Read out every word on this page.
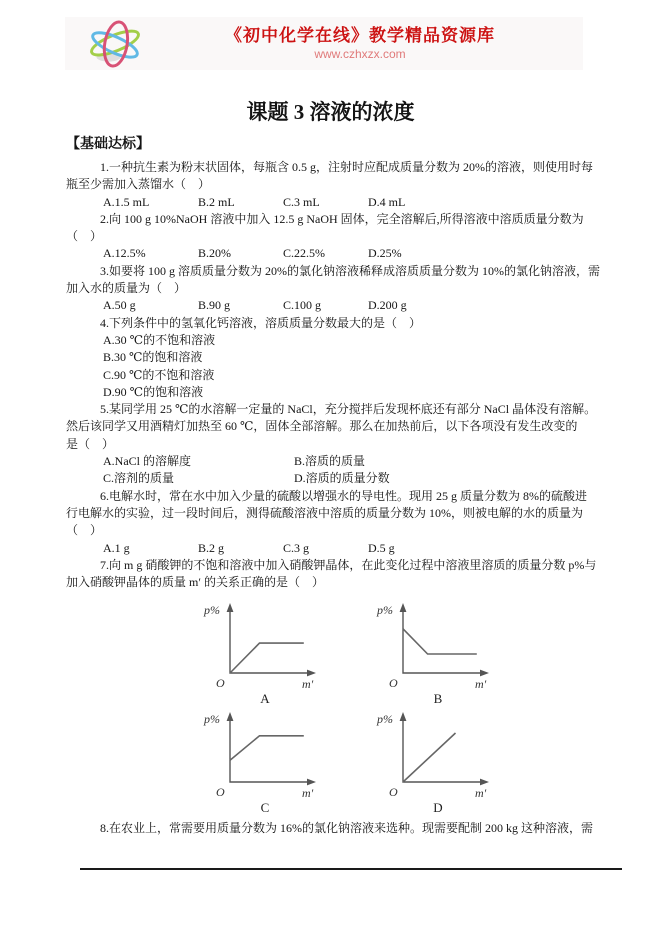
《初中化学在线》教学精品资源库
www.czhxzx.com
课题 3 溶液的浓度
【基础达标】
1.一种抗生素为粉末状固体，每瓶含 0.5 g，注射时应配成质量分数为 20%的溶液，则使用时每
瓶至少需加入蒸馏水（　）
A.1.5 mL	B.2 mL	C.3 mL	D.4 mL
2.向 100 g 10%NaOH 溶液中加入 12.5 g NaOH 固体，完全溶解后,所得溶液中溶质质量分数为
（　）
A.12.5%	B.20%	C.22.5%	D.25%
3.如要将 100 g 溶质质量分数为 20%的氯化钠溶液稀释成溶质质量分数为 10%的氯化钠溶液，需
加入水的质量为（　）
A.50 g	B.90 g	C.100 g	D.200 g
4.下列条件中的氢氧化钙溶液，溶质质量分数最大的是（　）
A.30 ℃的不饱和溶液
B.30 ℃的饱和溶液
C.90 ℃的不饱和溶液
D.90 ℃的饱和溶液
5.某同学用 25 ℃的水溶解一定量的 NaCl，充分搅拌后发现杯底还有部分 NaCl 晶体没有溶解。
然后该同学又用酒精灯加热至 60 ℃，固体全部溶解。那么在加热前后，以下各项没有发生改变的
是（　）
A.NaCl 的溶解度	B.溶质的质量
C.溶剂的质量	D.溶质的质量分数
6.电解水时，常在水中加入少量的硫酸以增强水的导电性。现用 25 g 质量分数为 8%的硫酸进
行电解水的实验，过一段时间后，测得硫酸溶液中溶质的质量分数为 10%，则被电解的水的质量为
（　）
A.1 g	B.2 g	C.3 g	D.5 g
7.向 m g 硝酸钾的不饱和溶液中加入硝酸钾晶体，在此变化过程中溶液里溶质的质量分数 p%与
加入硝酸钾晶体的质量 m′ 的关系正确的是（　）
p%
O	m′
A
p%
O	m′
B
p%
O	m′
C
p%
O	m′
D
8.在农业上，常需要用质量分数为 16%的氯化钠溶液来选种。现需要配制 200 kg 这种溶液，需
